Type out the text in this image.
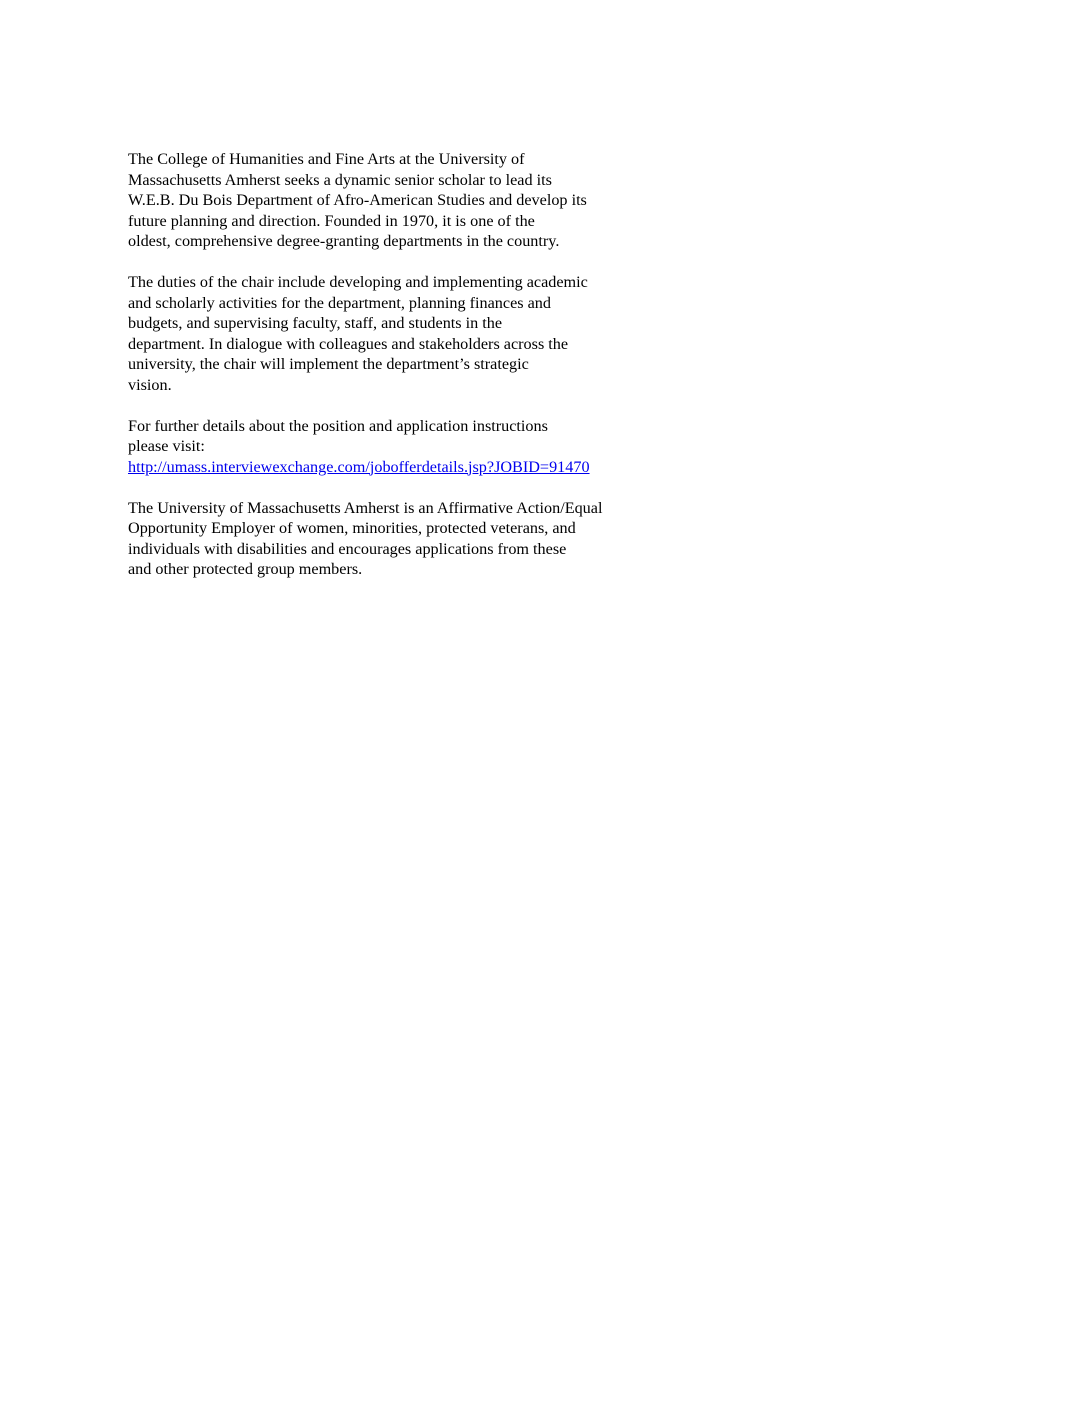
The College of Humanities and Fine Arts at the University of
Massachusetts Amherst seeks a dynamic senior scholar to lead its
W.E.B. Du Bois Department of Afro-American Studies and develop its
future planning and direction. Founded in 1970, it is one of the
oldest, comprehensive degree-granting departments in the country.

The duties of the chair include developing and implementing academic
and scholarly activities for the department, planning finances and
budgets, and supervising faculty, staff, and students in the
department. In dialogue with colleagues and stakeholders across the
university, the chair will implement the department’s strategic
vision.

For further details about the position and application instructions
please visit:
http://umass.interviewexchange.com/jobofferdetails.jsp?JOBID=91470

The University of Massachusetts Amherst is an Affirmative Action/Equal
Opportunity Employer of women, minorities, protected veterans, and
individuals with disabilities and encourages applications from these
and other protected group members.
